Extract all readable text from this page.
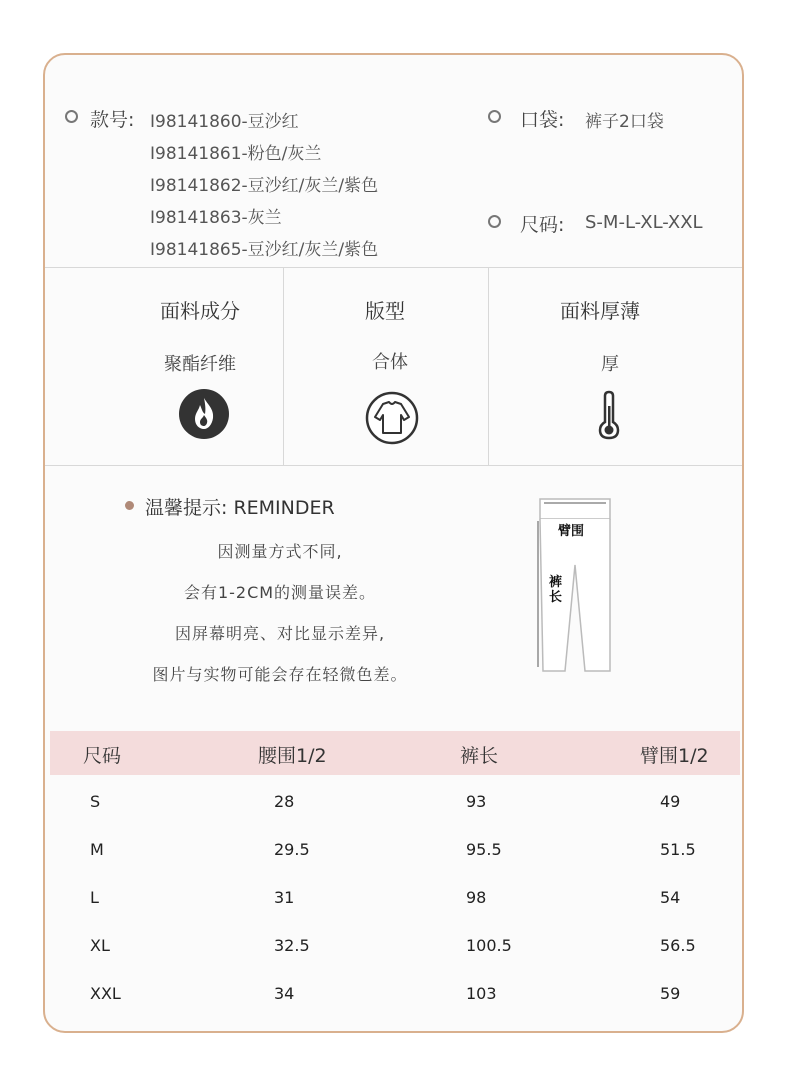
款号: I98141860-豆沙红
I98141861-粉色/灰兰
I98141862-豆沙红/灰兰/紫色
I98141863-灰兰
I98141865-豆沙红/灰兰/紫色
口袋: 裤子2口袋
尺码: S-M-L-XL-XXL
面料成分
聚酯纤维
版型
合体
面料厚薄
厚
温馨提示: REMINDER
因测量方式不同,
会有1-2CM的测量误差。
因屏幕明亮、对比显示差异,
图片与实物可能会存在轻微色差。
臂围
裤
长
尺码	腰围1/2	裤长	臂围1/2
S	28	93	49
M	29.5	95.5	51.5
L	31	98	54
XL	32.5	100.5	56.5
XXL	34	103	59
